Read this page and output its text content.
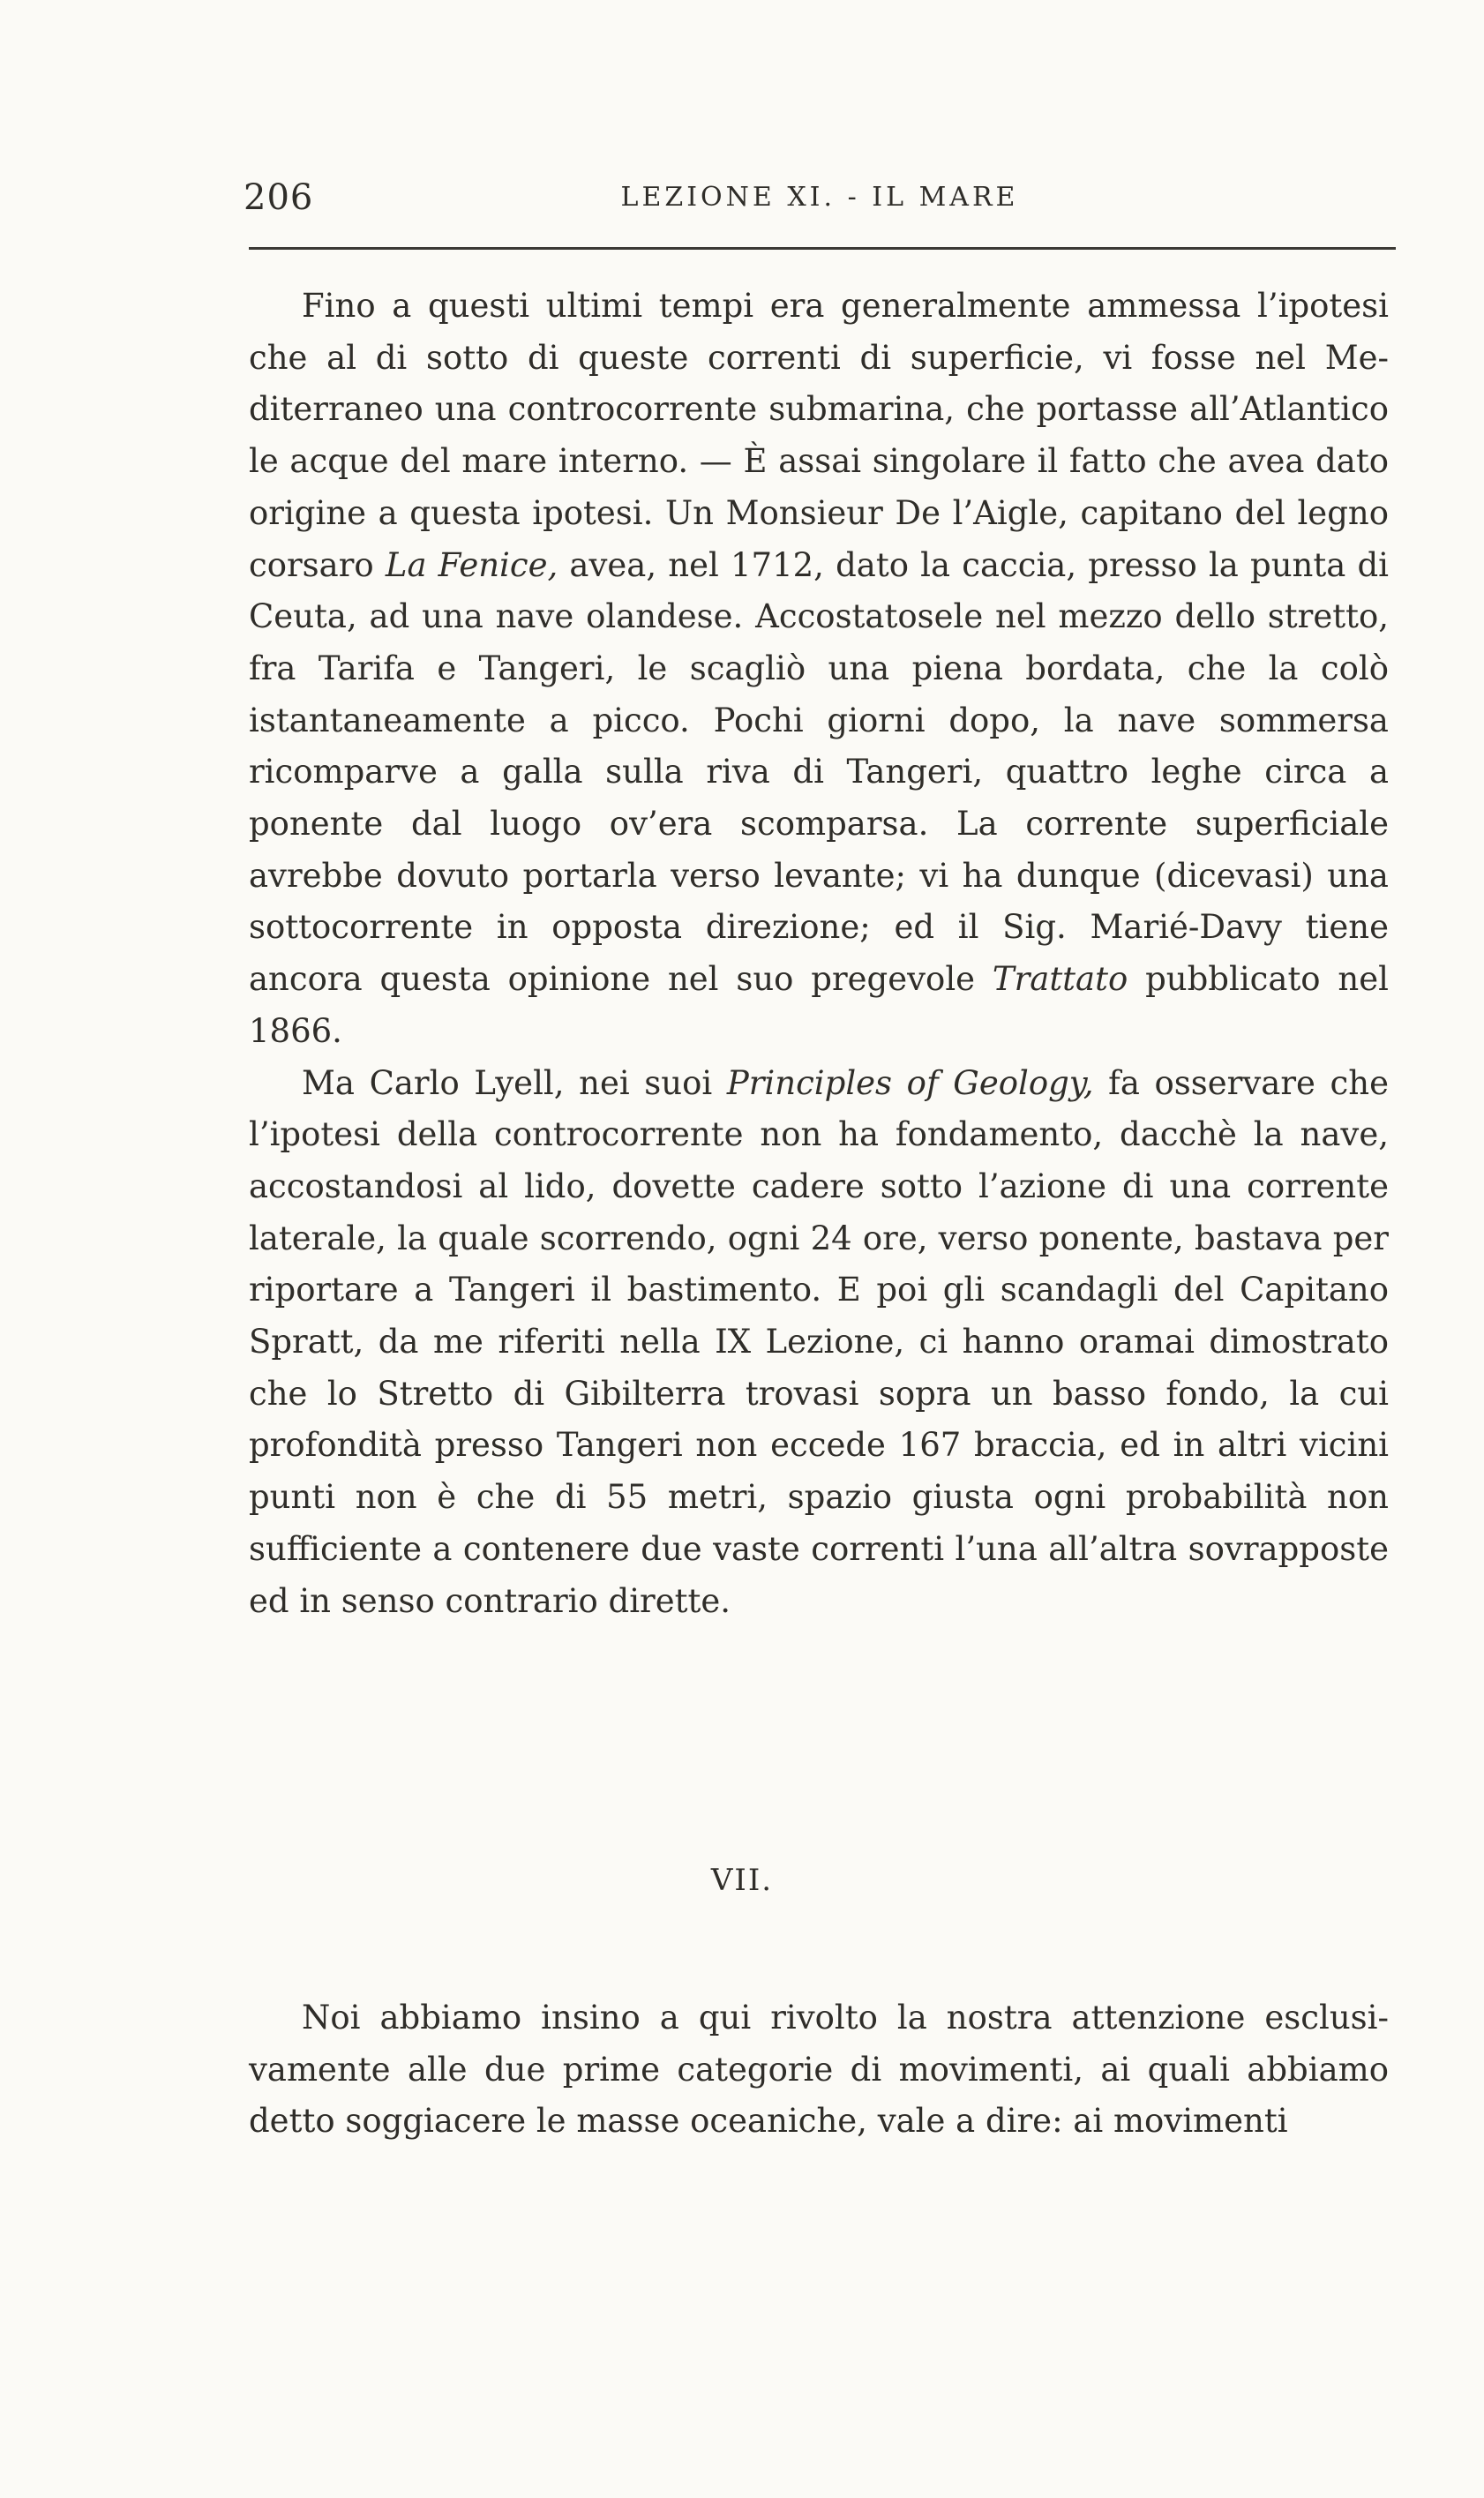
206	LEZIONE XI. - IL MARE

Fino a questi ultimi tempi era generalmente ammessa l’ipotesi che al di sotto di queste correnti di superficie, vi fosse nel Mediterraneo una controcorrente submarina, che portasse all’Atlantico le acque del mare interno. — È assai singolare il fatto che avea dato origine a questa ipotesi. Un Monsieur De l’Aigle, capitano del legno corsaro La Fenice, avea, nel 1712, dato la caccia, presso la punta di Ceuta, ad una nave olandese. Accostatosele nel mezzo dello stretto, fra Tarifa e Tangeri, le scagliò una piena bordata, che la colò istantaneamente a picco. Pochi giorni dopo, la nave sommersa ricomparve a galla sulla riva di Tangeri, quattro leghe circa a ponente dal luogo ov’era scomparsa. La corrente superficiale avrebbe dovuto portarla verso levante; vi ha dunque (dicevasi) una sottocorrente in opposta direzione; ed il Sig. Marié-Davy tiene ancora questa opinione nel suo pregevole Trattato pubblicato nel 1866.

Ma Carlo Lyell, nei suoi Principles of Geology, fa osservare che l’ipotesi della controcorrente non ha fondamento, dacchè la nave, accostandosi al lido, dovette cadere sotto l’azione di una corrente laterale, la quale scorrendo, ogni 24 ore, verso ponente, bastava per riportare a Tangeri il bastimento. E poi gli scandagli del Capitano Spratt, da me riferiti nella IX Lezione, ci hanno oramai dimostrato che lo Stretto di Gibilterra trovasi sopra un basso fondo, la cui profondità presso Tangeri non eccede 167 braccia, ed in altri vicini punti non è che di 55 metri, spazio giusta ogni probabilità non sufficiente a contenere due vaste correnti l’una all’altra sovrapposte ed in senso contrario dirette.

VII.

Noi abbiamo insino a qui rivolto la nostra attenzione esclusivamente alle due prime categorie di movimenti, ai quali abbiamo detto soggiacere le masse oceaniche, vale a dire: ai movimenti
